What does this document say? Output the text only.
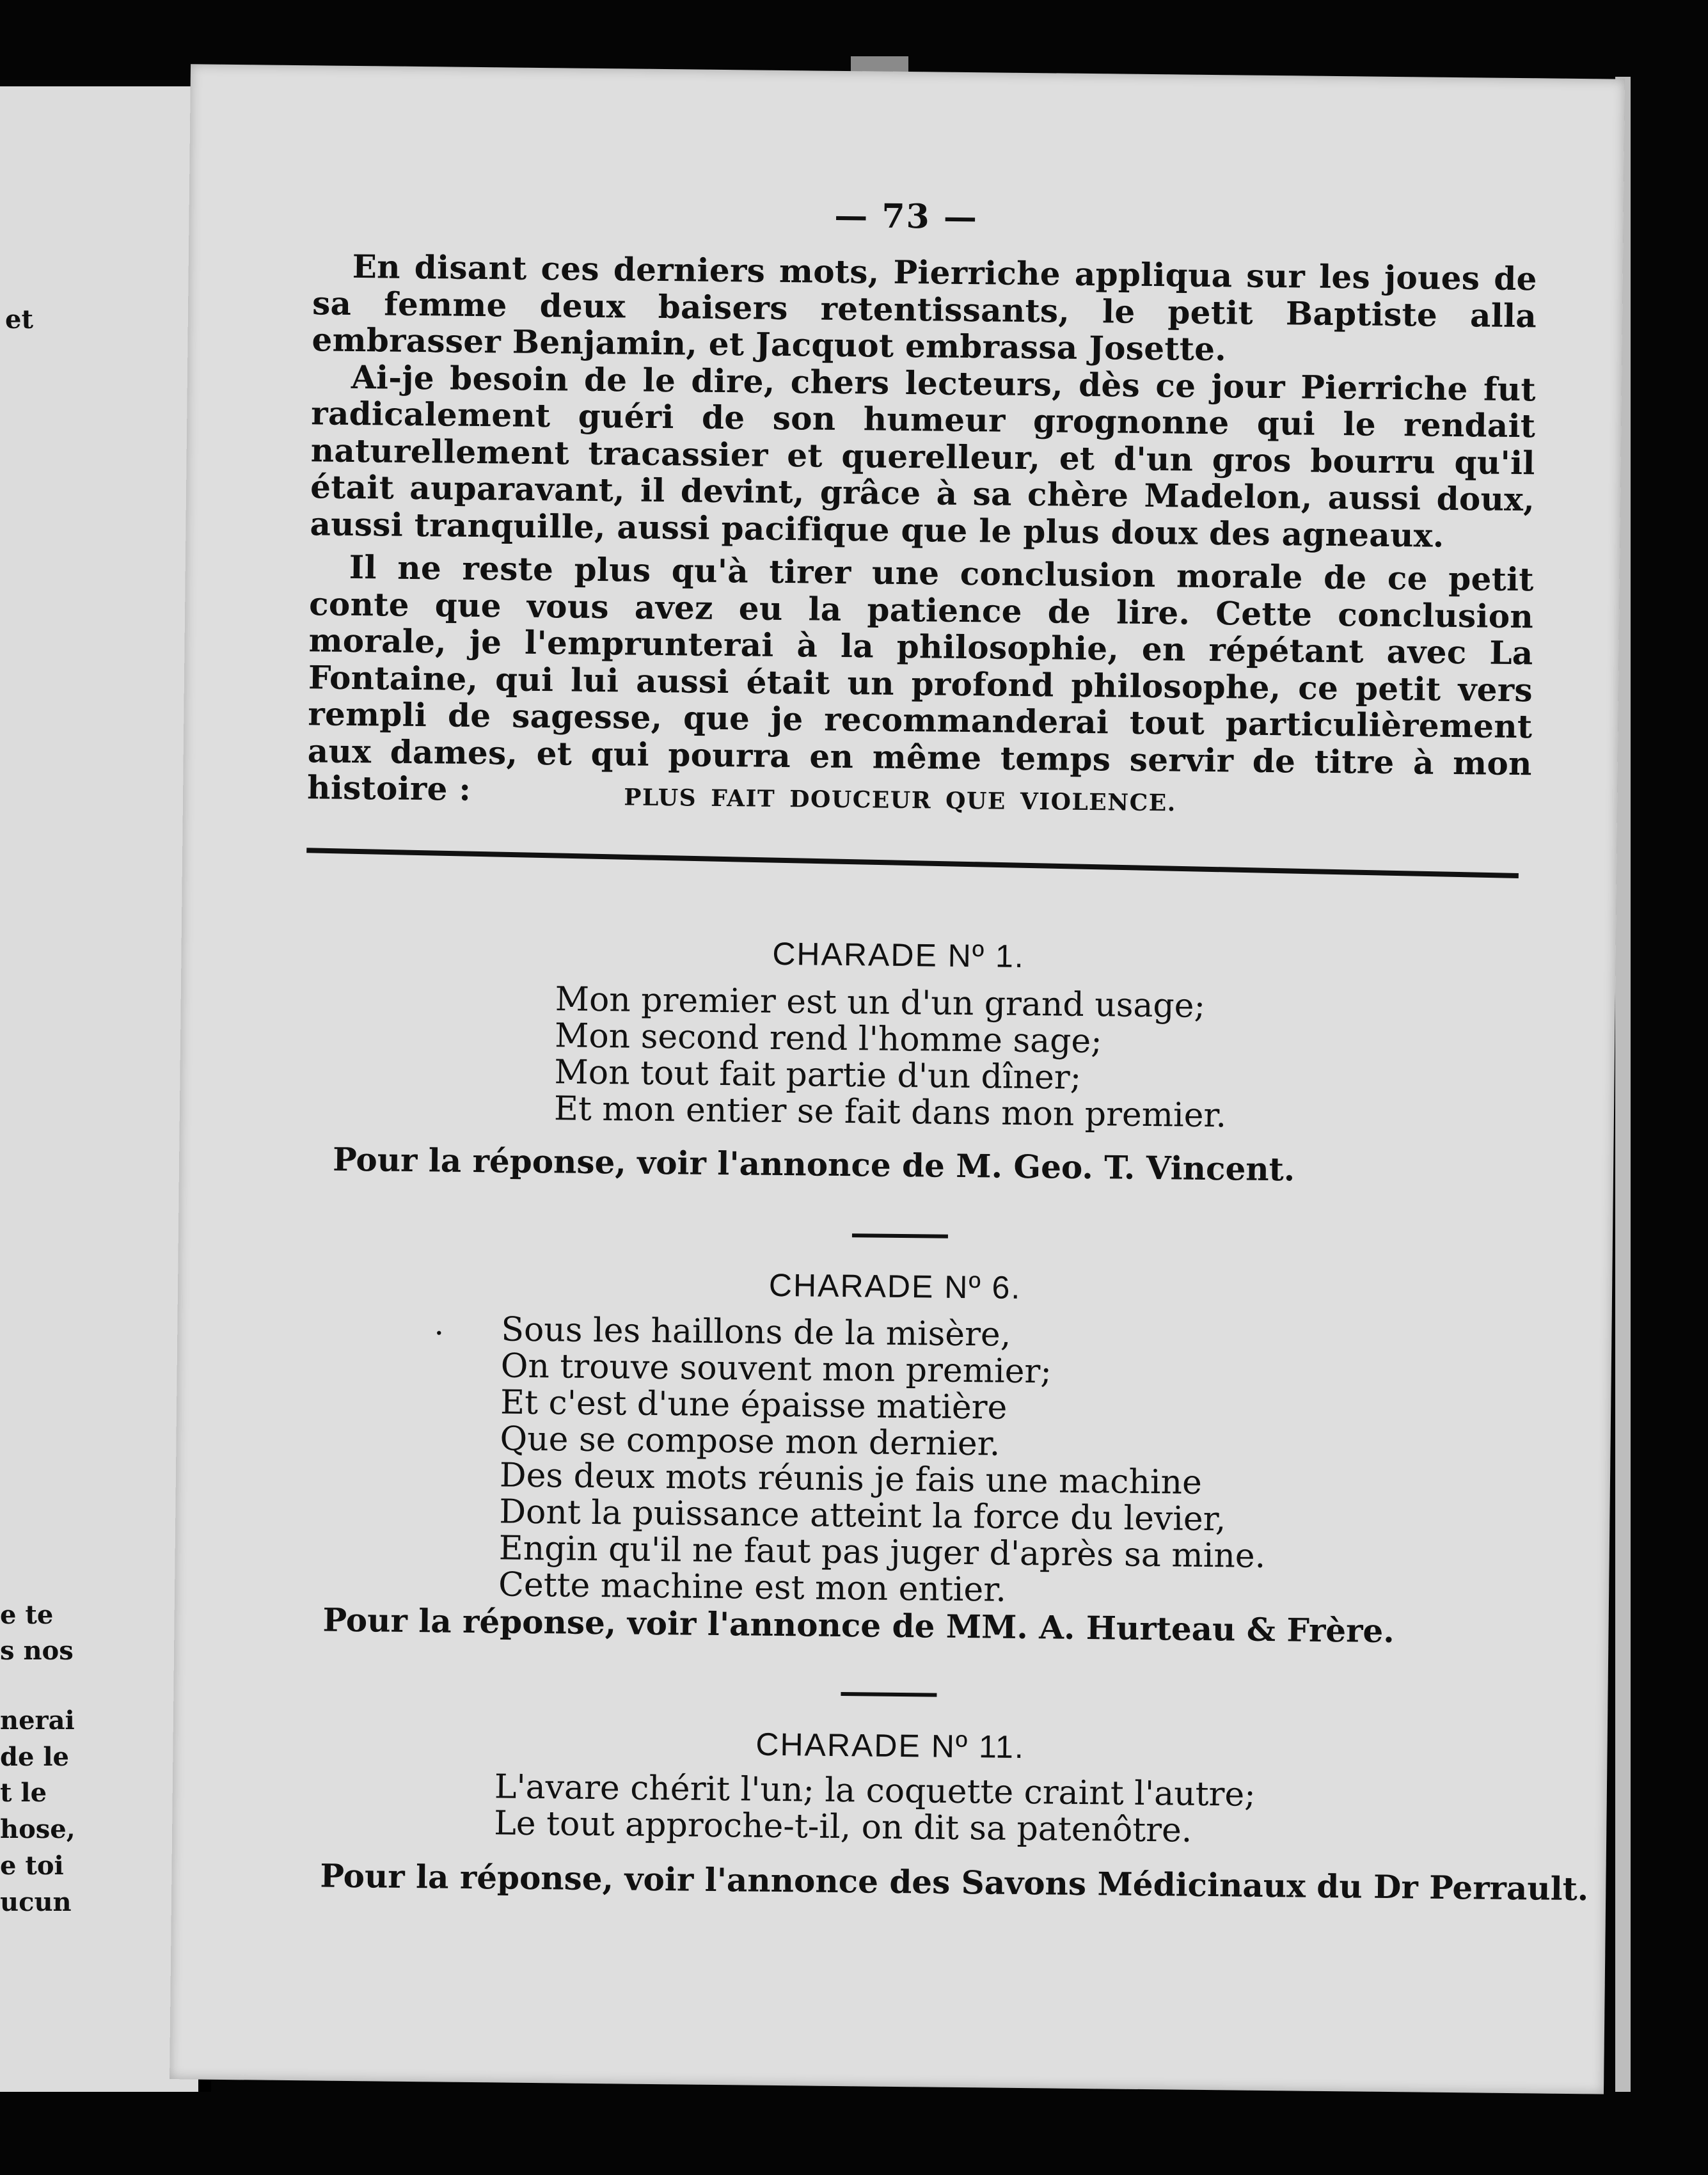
et
e te
s nos
nerai
de le
t le
hose,
e toi
ucun
— 73 —

En disant ces derniers mots, Pierriche appliqua sur les joues de sa femme deux baisers retentissants, le petit Baptiste alla embrasser Benjamin, et Jacquot embrassa Josette.

Ai-je besoin de le dire, chers lecteurs, dès ce jour Pierriche fut radicalement guéri de son humeur grognonne qui le rendait naturellement tracassier et querelleur, et d'un gros bourru qu'il était auparavant, il devint, grâce à sa chère Madelon, aussi doux, aussi tranquille, aussi pacifique que le plus doux des agneaux.

Il ne reste plus qu'à tirer une conclusion morale de ce petit conte que vous avez eu la patience de lire. Cette conclusion morale, je l'emprunterai à la philosophie, en répétant avec La Fontaine, qui lui aussi était un profond philosophe, ce petit vers rempli de sagesse, que je recommanderai tout particulièrement aux dames, et qui pourra en même temps servir de titre à mon histoire :	PLUS FAIT DOUCEUR QUE VIOLENCE.
CHARADE Nº 1.
Mon premier est un d'un grand usage;
Mon second rend l'homme sage;
Mon tout fait partie d'un dîner;
Et mon entier se fait dans mon premier.
Pour la réponse, voir l'annonce de M. Geo. T. Vincent.
CHARADE Nº 6.
· Sous les haillons de la misère,
On trouve souvent mon premier;
Et c'est d'une épaisse matière
Que se compose mon dernier.
Des deux mots réunis je fais une machine
Dont la puissance atteint la force du levier,
Engin qu'il ne faut pas juger d'après sa mine.
Cette machine est mon entier.
Pour la réponse, voir l'annonce de MM. A. Hurteau & Frère.
CHARADE Nº 11.
L'avare chérit l'un; la coquette craint l'autre;
Le tout approche-t-il, on dit sa patenôtre.
Pour la réponse, voir l'annonce des Savons Médicinaux du Dr Perrault.
